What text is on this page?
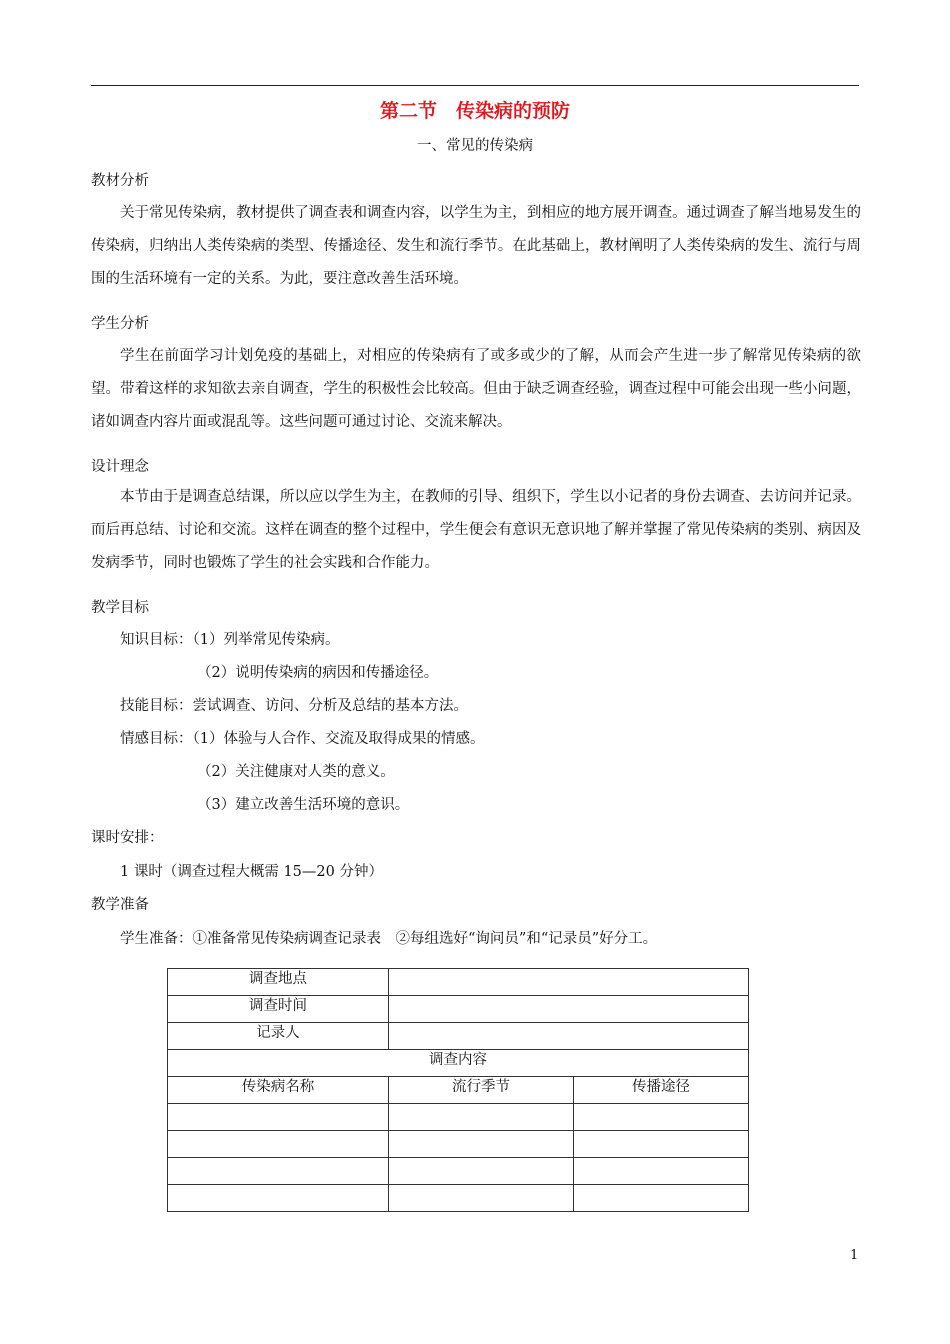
第二节　传染病的预防
一、常见的传染病
教材分析
关于常见传染病，教材提供了调查表和调查内容，以学生为主，到相应的地方展开调查。通过调查了解当地易发生的传染病，归纳出人类传染病的类型、传播途径、发生和流行季节。在此基础上，教材阐明了人类传染病的发生、流行与周围的生活环境有一定的关系。为此，要注意改善生活环境。
学生分析
学生在前面学习计划免疫的基础上，对相应的传染病有了或多或少的了解，从而会产生进一步了解常见传染病的欲望。带着这样的求知欲去亲自调查，学生的积极性会比较高。但由于缺乏调查经验，调查过程中可能会出现一些小问题，诸如调查内容片面或混乱等。这些问题可通过讨论、交流来解决。
设计理念
本节由于是调查总结课，所以应以学生为主，在教师的引导、组织下，学生以小记者的身份去调查、去访问并记录。而后再总结、讨论和交流。这样在调查的整个过程中，学生便会有意识无意识地了解并掌握了常见传染病的类别、病因及发病季节，同时也锻炼了学生的社会实践和合作能力。
教学目标
知识目标：（1）列举常见传染病。
（2）说明传染病的病因和传播途径。
技能目标：尝试调查、访问、分析及总结的基本方法。
情感目标：（1）体验与人合作、交流及取得成果的情感。
（2）关注健康对人类的意义。
（3）建立改善生活环境的意识。
课时安排：
1 课时（调查过程大概需 15—20 分钟）
教学准备
学生准备：①准备常见传染病调查记录表　②每组选好“询问员”和“记录员”好分工。
调查地点		
调查时间		
记录人		
调查内容		
传染病名称	流行季节	传播途径

1
